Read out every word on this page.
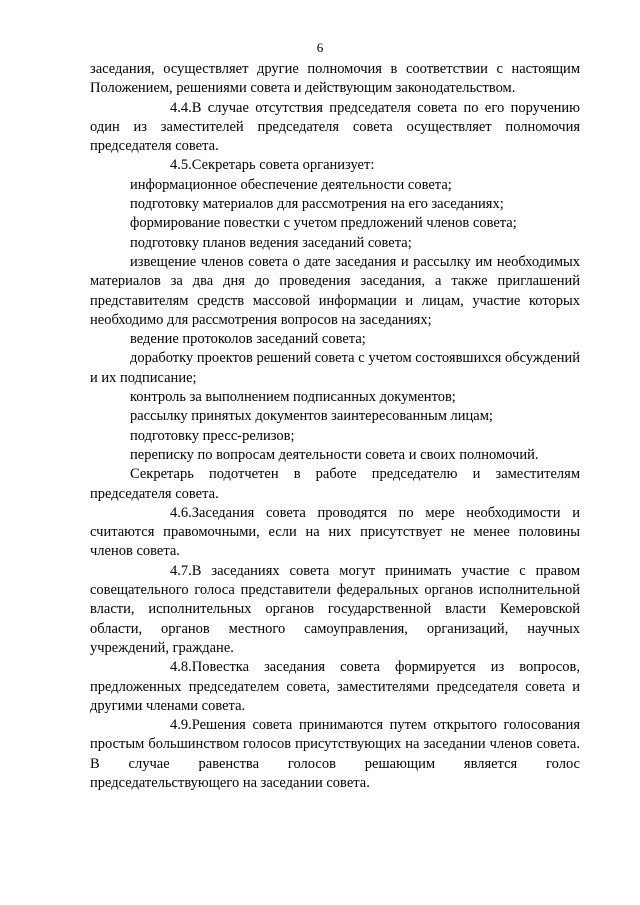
6

заседания, осуществляет другие полномочия в соответствии с настоящим Положением, решениями совета и действующим законодательством.

4.4.В случае отсутствия председателя совета по его поручению один из заместителей председателя совета осуществляет полномочия председателя совета.

4.5.Секретарь совета организует:

информационное обеспечение деятельности совета;

подготовку материалов для рассмотрения на его заседаниях;

формирование повестки с учетом предложений членов совета;

подготовку планов ведения заседаний совета;

извещение членов совета о дате заседания и рассылку им необходимых материалов за два дня до проведения заседания, а также приглашений представителям средств массовой информации и лицам, участие которых необходимо для рассмотрения вопросов на заседаниях;

ведение протоколов заседаний совета;

доработку проектов решений совета с учетом состоявшихся обсуждений и их подписание;

контроль за выполнением подписанных документов;

рассылку принятых документов заинтересованным лицам;

подготовку пресс-релизов;

переписку по вопросам деятельности совета и своих полномочий.

Секретарь подотчетен в работе председателю и заместителям председателя совета.

4.6.Заседания совета проводятся по мере необходимости и считаются правомочными, если на них присутствует не менее половины членов совета.

4.7.В заседаниях совета могут принимать участие с правом совещательного голоса представители федеральных органов исполнительной власти, исполнительных органов государственной власти Кемеровской области, органов местного самоуправления, организаций, научных учреждений, граждане.

4.8.Повестка заседания совета формируется из вопросов, предложенных председателем совета, заместителями председателя совета и другими членами совета.

4.9.Решения совета принимаются путем открытого голосования простым большинством голосов присутствующих на заседании членов совета. В случае равенства голосов решающим является голос председательствующего на заседании совета.
